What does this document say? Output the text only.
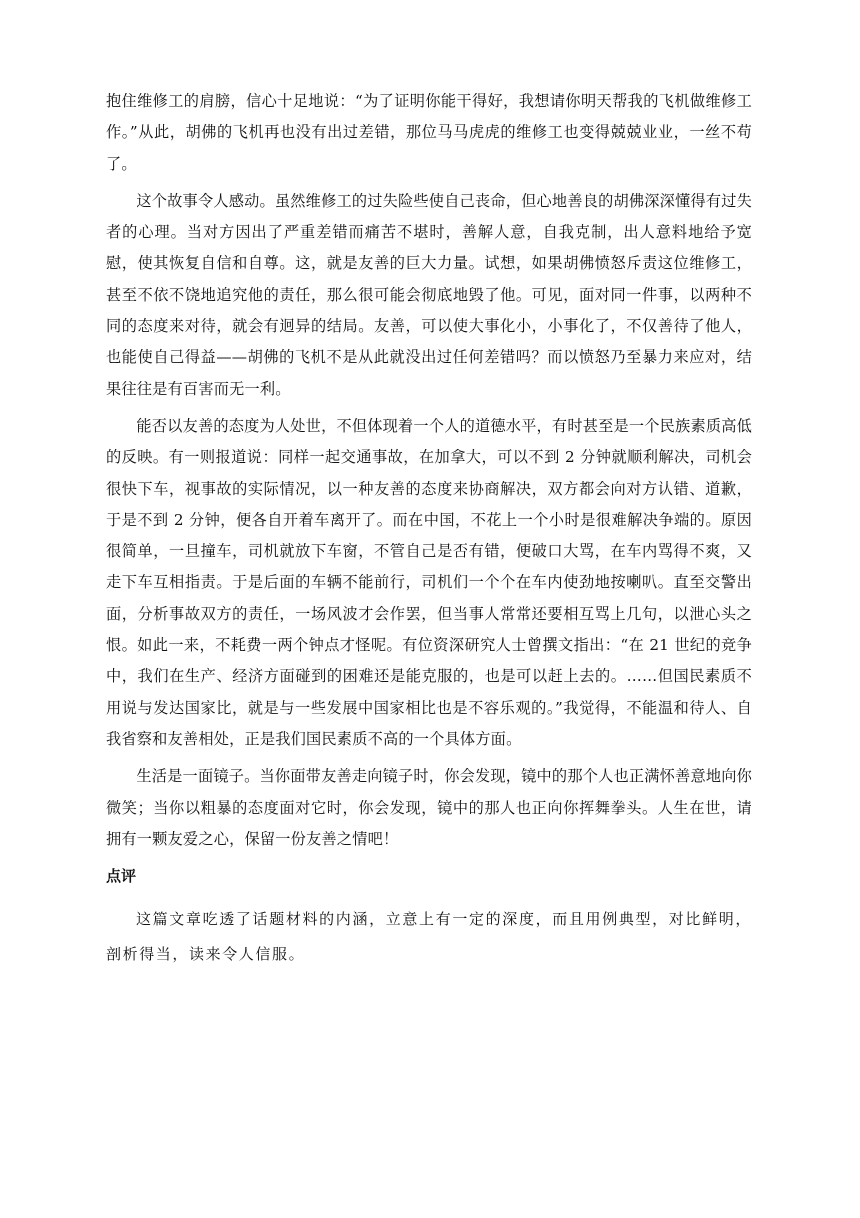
抱住维修工的肩膀，信心十足地说：“为了证明你能干得好，我想请你明天帮我的飞机做维修工作。”从此，胡佛的飞机再也没有出过差错，那位马马虎虎的维修工也变得兢兢业业，一丝不苟了。

这个故事令人感动。虽然维修工的过失险些使自己丧命，但心地善良的胡佛深深懂得有过失者的心理。当对方因出了严重差错而痛苦不堪时，善解人意，自我克制，出人意料地给予宽慰，使其恢复自信和自尊。这，就是友善的巨大力量。试想，如果胡佛愤怒斥责这位维修工，甚至不依不饶地追究他的责任，那么很可能会彻底地毁了他。可见，面对同一件事，以两种不同的态度来对待，就会有迥异的结局。友善，可以使大事化小，小事化了，不仅善待了他人，也能使自己得益——胡佛的飞机不是从此就没出过任何差错吗？而以愤怒乃至暴力来应对，结果往往是有百害而无一利。

能否以友善的态度为人处世，不但体现着一个人的道德水平，有时甚至是一个民族素质高低的反映。有一则报道说：同样一起交通事故，在加拿大，可以不到 2 分钟就顺利解决，司机会很快下车，视事故的实际情况，以一种友善的态度来协商解决，双方都会向对方认错、道歉，于是不到 2 分钟，便各自开着车离开了。而在中国，不花上一个小时是很难解决争端的。原因很简单，一旦撞车，司机就放下车窗，不管自己是否有错，便破口大骂，在车内骂得不爽，又走下车互相指责。于是后面的车辆不能前行，司机们一个个在车内使劲地按喇叭。直至交警出面，分析事故双方的责任，一场风波才会作罢，但当事人常常还要相互骂上几句，以泄心头之恨。如此一来，不耗费一两个钟点才怪呢。有位资深研究人士曾撰文指出：“在 21 世纪的竞争中，我们在生产、经济方面碰到的困难还是能克服的，也是可以赶上去的。……但国民素质不用说与发达国家比，就是与一些发展中国家相比也是不容乐观的。”我觉得，不能温和待人、自我省察和友善相处，正是我们国民素质不高的一个具体方面。

生活是一面镜子。当你面带友善走向镜子时，你会发现，镜中的那个人也正满怀善意地向你微笑；当你以粗暴的态度面对它时，你会发现，镜中的那人也正向你挥舞拳头。人生在世，请拥有一颗友爱之心，保留一份友善之情吧！

点评

这篇文章吃透了话题材料的内涵，立意上有一定的深度，而且用例典型，对比鲜明，剖析得当，读来令人信服。
